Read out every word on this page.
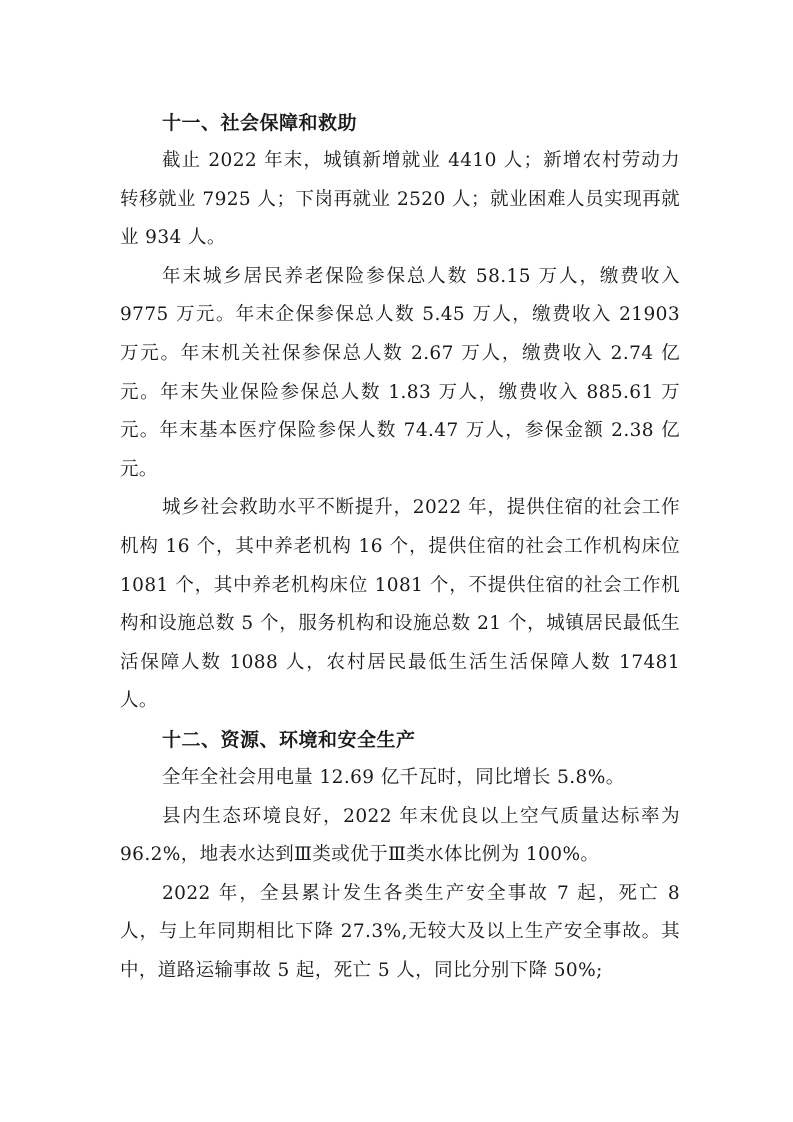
十一、社会保障和救助

截止 2022 年末，城镇新增就业 4410 人；新增农村劳动力转移就业 7925 人；下岗再就业 2520 人；就业困难人员实现再就业 934 人。

年末城乡居民养老保险参保总人数 58.15 万人，缴费收入 9775 万元。年末企保参保总人数 5.45 万人，缴费收入 21903 万元。年末机关社保参保总人数 2.67 万人，缴费收入 2.74 亿元。年末失业保险参保总人数 1.83 万人，缴费收入 885.61 万元。年末基本医疗保险参保人数 74.47 万人，参保金额 2.38 亿元。

城乡社会救助水平不断提升，2022 年，提供住宿的社会工作机构 16 个，其中养老机构 16 个，提供住宿的社会工作机构床位 1081 个，其中养老机构床位 1081 个，不提供住宿的社会工作机构和设施总数 5 个，服务机构和设施总数 21 个，城镇居民最低生活保障人数 1088 人，农村居民最低生活生活保障人数 17481 人。

十二、资源、环境和安全生产

全年全社会用电量 12.69 亿千瓦时，同比增长 5.8%。

县内生态环境良好，2022 年末优良以上空气质量达标率为 96.2%，地表水达到Ⅲ类或优于Ⅲ类水体比例为 100%。

2022 年，全县累计发生各类生产安全事故 7 起，死亡 8 人，与上年同期相比下降 27.3%,无较大及以上生产安全事故。其中，道路运输事故 5 起，死亡 5 人，同比分别下降 50%;
